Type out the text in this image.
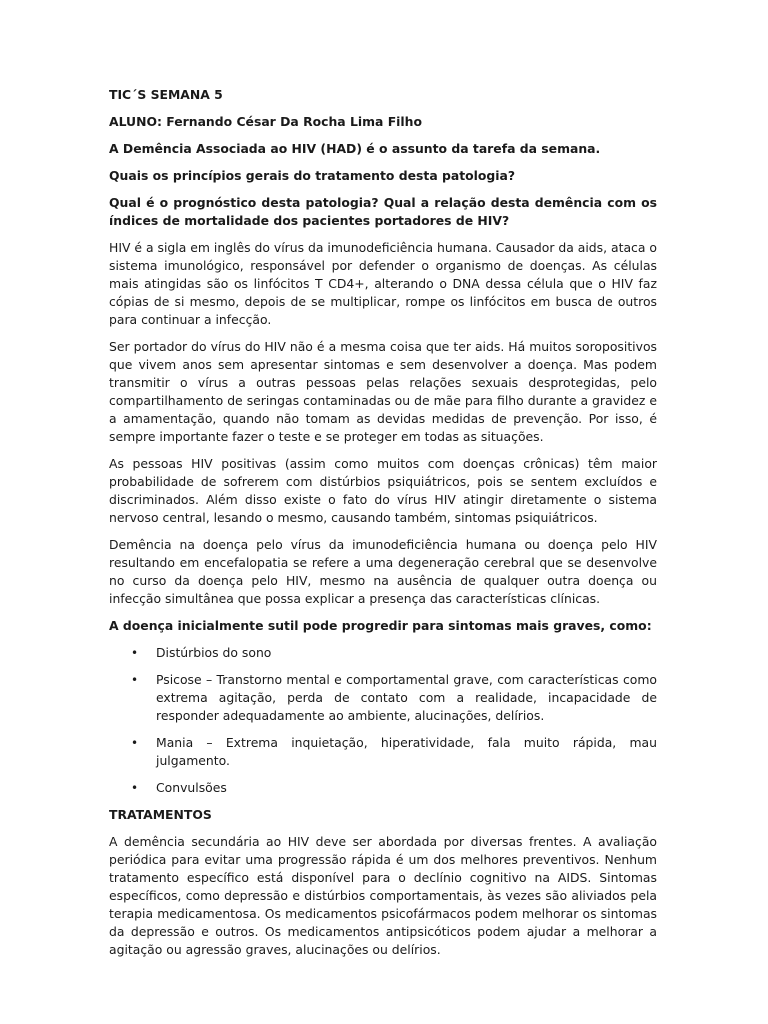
TIC´S SEMANA 5

ALUNO: Fernando César Da Rocha Lima Filho

A Demência Associada ao HIV (HAD) é o assunto da tarefa da semana.

Quais os princípios gerais do tratamento desta patologia?

Qual é o prognóstico desta patologia? Qual a relação desta demência com os índices de mortalidade dos pacientes portadores de HIV?

HIV é a sigla em inglês do vírus da imunodeficiência humana. Causador da aids, ataca o sistema imunológico, responsável por defender o organismo de doenças. As células mais atingidas são os linfócitos T CD4+, alterando o DNA dessa célula que o HIV faz cópias de si mesmo, depois de se multiplicar, rompe os linfócitos em busca de outros para continuar a infecção.

Ser portador do vírus do HIV não é a mesma coisa que ter aids. Há muitos soropositivos que vivem anos sem apresentar sintomas e sem desenvolver a doença. Mas podem transmitir o vírus a outras pessoas pelas relações sexuais desprotegidas, pelo compartilhamento de seringas contaminadas ou de mãe para filho durante a gravidez e a amamentação, quando não tomam as devidas medidas de prevenção. Por isso, é sempre importante fazer o teste e se proteger em todas as situações.

As pessoas HIV positivas (assim como muitos com doenças crônicas) têm maior probabilidade de sofrerem com distúrbios psiquiátricos, pois se sentem excluídos e discriminados. Além disso existe o fato do vírus HIV atingir diretamente o sistema nervoso central, lesando o mesmo, causando também, sintomas psiquiátricos.

Demência na doença pelo vírus da imunodeficiência humana ou doença pelo HIV resultando em encefalopatia se refere a uma degeneração cerebral que se desenvolve no curso da doença pelo HIV, mesmo na ausência de qualquer outra doença ou infecção simultânea que possa explicar a presença das características clínicas.

A doença inicialmente sutil pode progredir para sintomas mais graves, como:

• Distúrbios do sono
• Psicose – Transtorno mental e comportamental grave, com características como extrema agitação, perda de contato com a realidade, incapacidade de responder adequadamente ao ambiente, alucinações, delírios.
• Mania – Extrema inquietação, hiperatividade, fala muito rápida, mau julgamento.
• Convulsões

TRATAMENTOS

A demência secundária ao HIV deve ser abordada por diversas frentes. A avaliação periódica para evitar uma progressão rápida é um dos melhores preventivos. Nenhum tratamento específico está disponível para o declínio cognitivo na AIDS. Sintomas específicos, como depressão e distúrbios comportamentais, às vezes são aliviados pela terapia medicamentosa. Os medicamentos psicofármacos podem melhorar os sintomas da depressão e outros. Os medicamentos antipsicóticos podem ajudar a melhorar a agitação ou agressão graves, alucinações ou delírios.
